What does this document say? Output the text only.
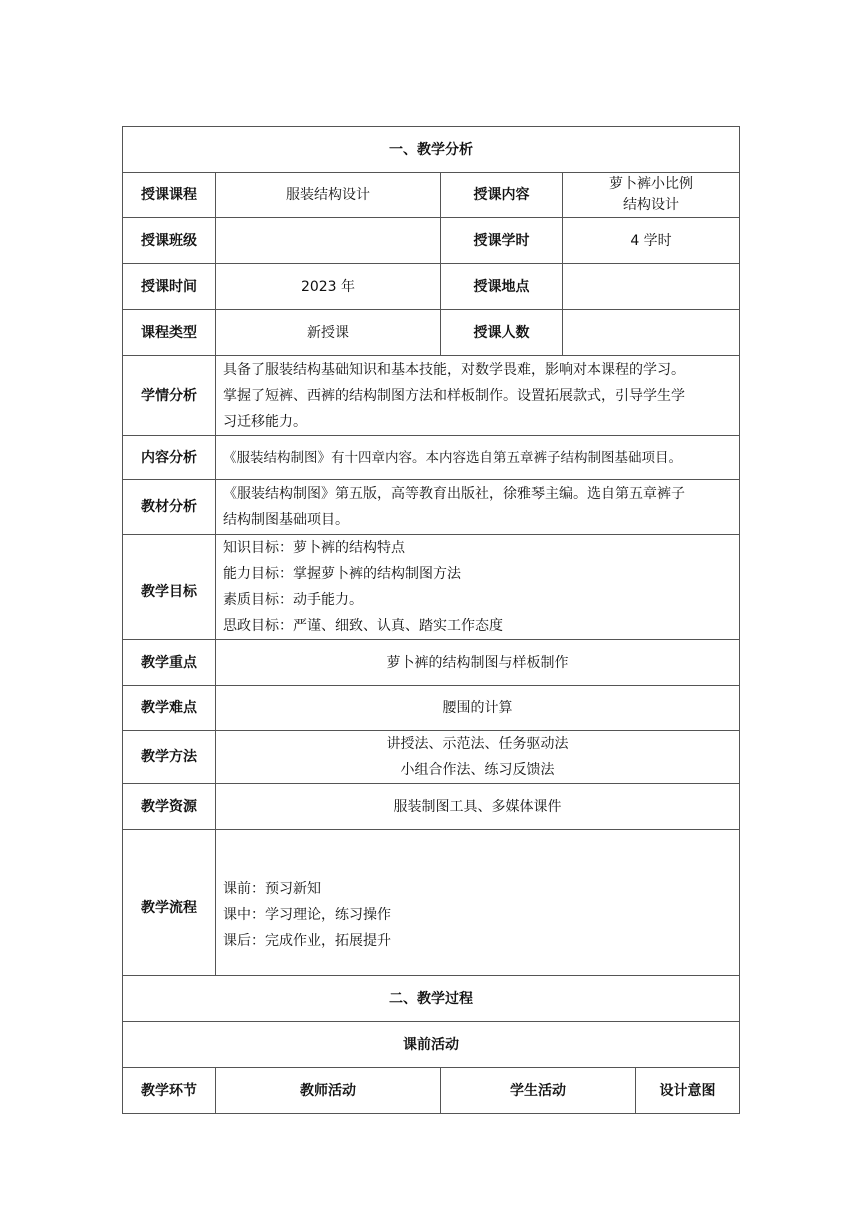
一、教学分析				
授课课程	服装结构设计	授课内容	萝卜裤小比例
结构设计	

授课班级		授课学时	4 学时	
授课时间	2023 年	授课地点		
课程类型	新授课	授课人数		
学情分析	具备了服装结构基础知识和基本技能，对数学畏难，影响对本课程的学习。
掌握了短裤、西裤的结构制图方法和样板制作。设置拓展款式，引导学生学
习迁移能力。			

内容分析	《服装结构制图》有十四章内容。本内容选自第五章裤子结构制图基础项目。			

教材分析	《服装结构制图》第五版，高等教育出版社，徐雅琴主编。选自第五章裤子
结构制图基础项目。			

教学目标	知识目标：萝卜裤的结构特点
能力目标：掌握萝卜裤的结构制图方法
素质目标：动手能力。
思政目标：严谨、细致、认真、踏实工作态度			

教学重点	萝卜裤的结构制图与样板制作			
教学难点	腰围的计算			
教学方法	讲授法、示范法、任务驱动法
小组合作法、练习反馈法			

教学资源	服装制图工具、多媒体课件			
教学流程	课前：预习新知
课中：学习理论，练习操作
课后：完成作业，拓展提升			

二、教学过程				
课前活动				
教学环节	教师活动	学生活动		设计意图
